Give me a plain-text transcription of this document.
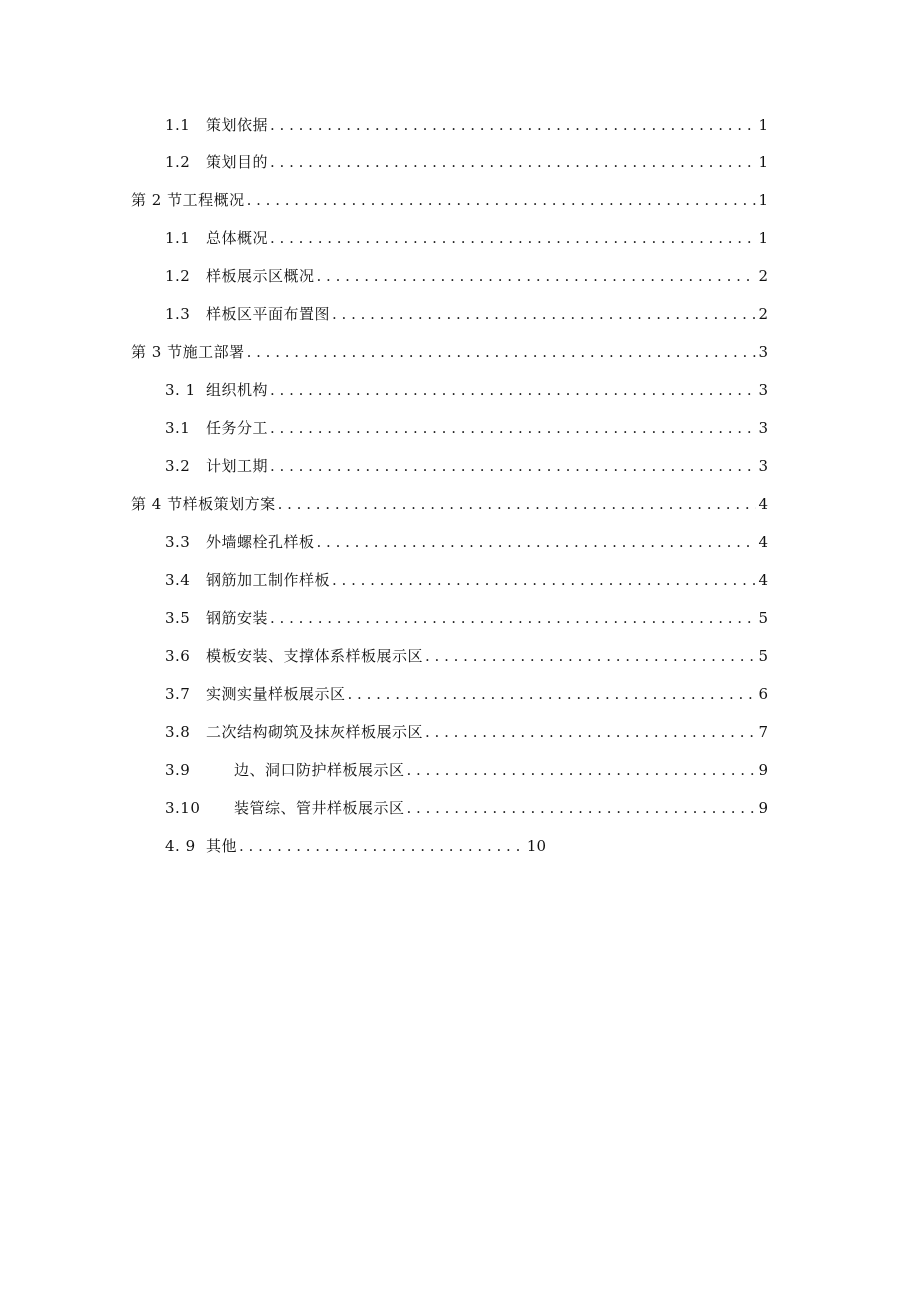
1.1	策划依据 . . .	1
1.2	策划目的 . . .	1
第 2 节 工程概况 . . .	1
1.1	总体概况 . . .	1
1.2	样板展示区概况 . . .	2
1.3	样板区平面布置图 . . .	2
第 3 节 施工部署 . . .	3
3. 1 组织机构 . . .	3
3.1	任务分工 . . .	3
3.2	计划工期 . . .	3
第 4 节 样板策划方案 . . .	4
3.3	外墙螺栓孔样板 . . .	4
3.4	钢筋加工制作样板 . . .	4
3.5	钢筋安装 . . .	5
3.6	模板安装、支撑体系样板展示区 . . .	5
3.7	实测实量样板展示区 . . .	6
3.8	二次结构砌筑及抹灰样板展示区 . . .	7
3.9	边、洞口防护样板展示区 . . .	9
3.10	装管综、管井样板展示区 . . .	9
4. 9 其他 . . .	10
